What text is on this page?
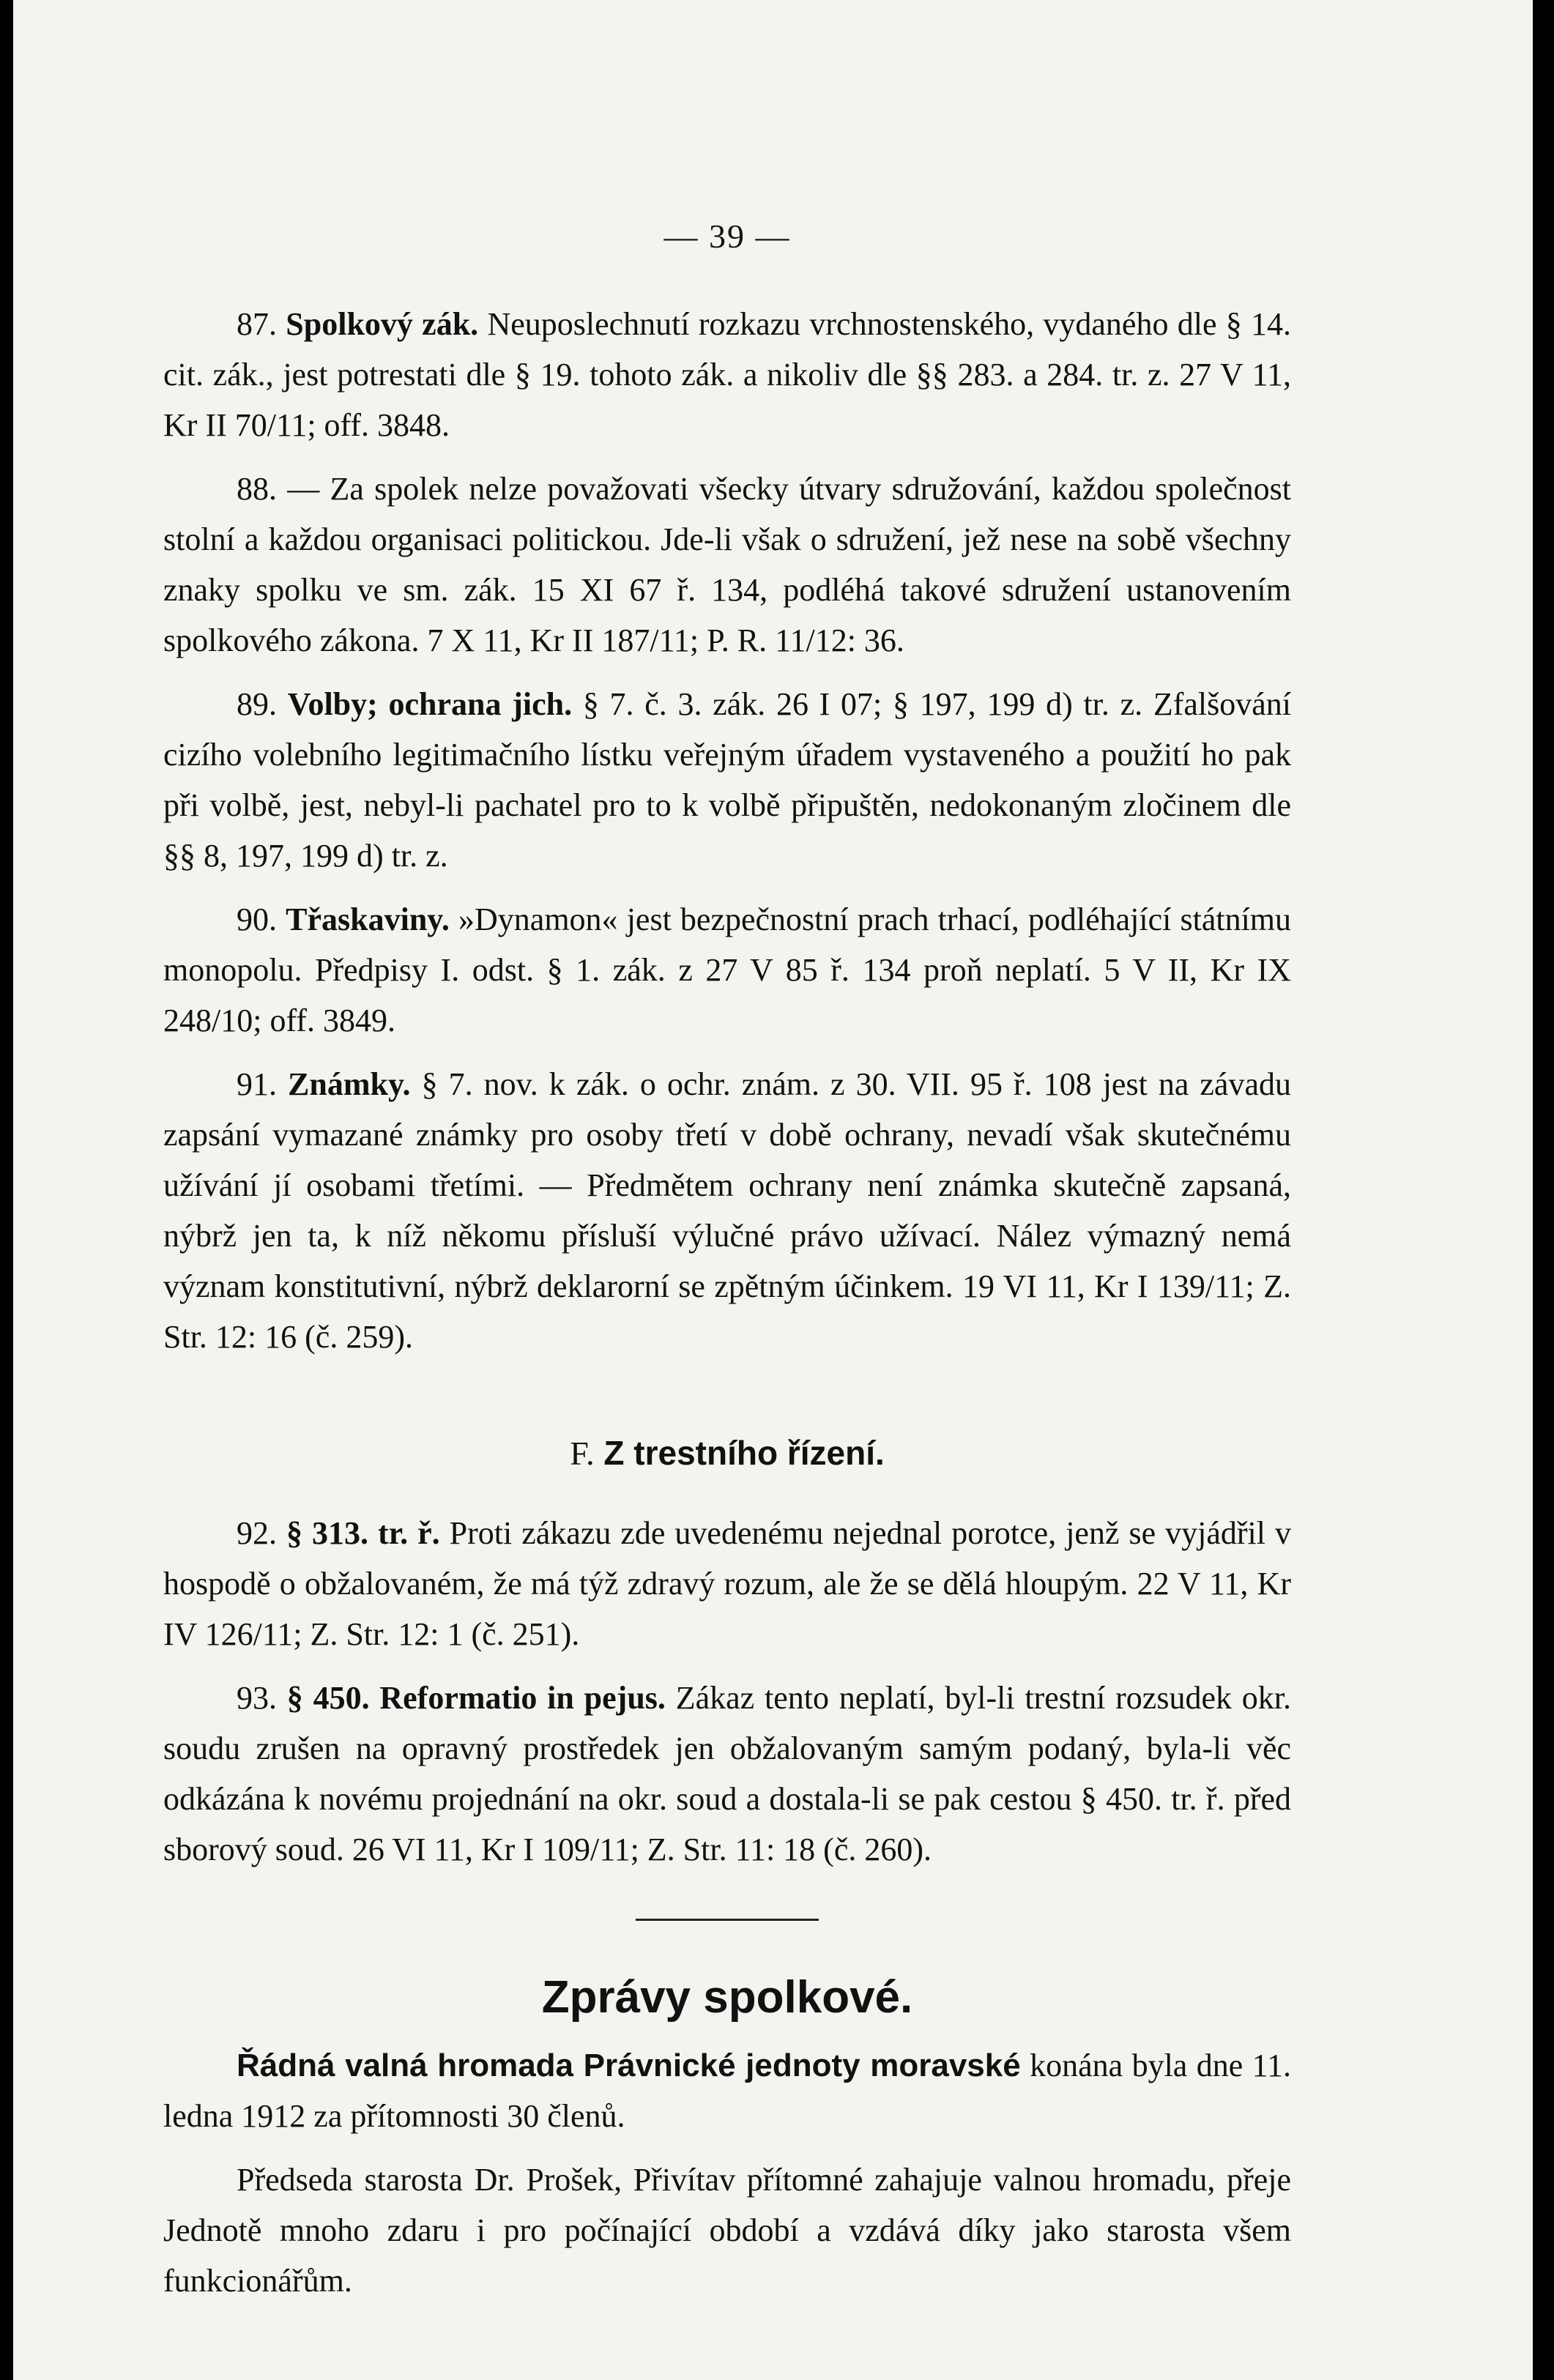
— 39 —

87. Spolkový zák. Neuposlechnutí rozkazu vrchnostenského, vydaného dle § 14. cit. zák., jest potrestati dle § 19. tohoto zák. a nikoliv dle §§ 283. a 284. tr. z. 27 V 11, Kr II 70/11; off. 3848.

88. — Za spolek nelze považovati všecky útvary sdružování, každou společnost stolní a každou organisaci politickou. Jde-li však o sdružení, jež nese na sobě všechny znaky spolku ve sm. zák. 15 XI 67 ř. 134, podléhá takové sdružení ustanovením spolkového zákona. 7 X 11, Kr II 187/11; P. R. 11/12: 36.

89. Volby; ochrana jich. § 7. č. 3. zák. 26 I 07; § 197, 199 d) tr. z. Zfalšování cizího volebního legitimačního lístku veřejným úřadem vystaveného a použití ho pak při volbě, jest, nebyl-li pachatel pro to k volbě připuštěn, nedokonaným zločinem dle §§ 8, 197, 199 d) tr. z.

90. Třaskaviny. »Dynamon« jest bezpečnostní prach trhací, podléhající státnímu monopolu. Předpisy I. odst. § 1. zák. z 27 V 85 ř. 134 proň neplatí. 5 V II, Kr IX 248/10; off. 3849.

91. Známky. § 7. nov. k zák. o ochr. znám. z 30. VII. 95 ř. 108 jest na závadu zapsání vymazané známky pro osoby třetí v době ochrany, nevadí však skutečnému užívání jí osobami třetími. — Předmětem ochrany není známka skutečně zapsaná, nýbrž jen ta, k níž někomu přísluší výlučné právo užívací. Nález výmazný nemá význam konstitutivní, nýbrž deklarorní se zpětným účinkem. 19 VI 11, Kr I 139/11; Z. Str. 12: 16 (č. 259).

F. Z trestního řízení.

92. § 313. tr. ř. Proti zákazu zde uvedenému nejednal porotce, jenž se vyjádřil v hospodě o obžalovaném, že má týž zdravý rozum, ale že se dělá hloupým. 22 V 11, Kr IV 126/11; Z. Str. 12: 1 (č. 251).

93. § 450. Reformatio in pejus. Zákaz tento neplatí, byl-li trestní rozsudek okr. soudu zrušen na opravný prostředek jen obžalovaným samým podaný, byla-li věc odkázána k novému projednání na okr. soud a dostala-li se pak cestou § 450. tr. ř. před sborový soud. 26 VI 11, Kr I 109/11; Z. Str. 11: 18 (č. 260).

Zprávy spolkové.

Řádná valná hromada Právnické jednoty moravské konána byla dne 11. ledna 1912 za přítomnosti 30 členů.

Předseda starosta Dr. Prošek, Přivítav přítomné zahajuje valnou hromadu, přeje Jednotě mnoho zdaru i pro počínající období a vzdává díky jako starosta všem funkcionářům.
